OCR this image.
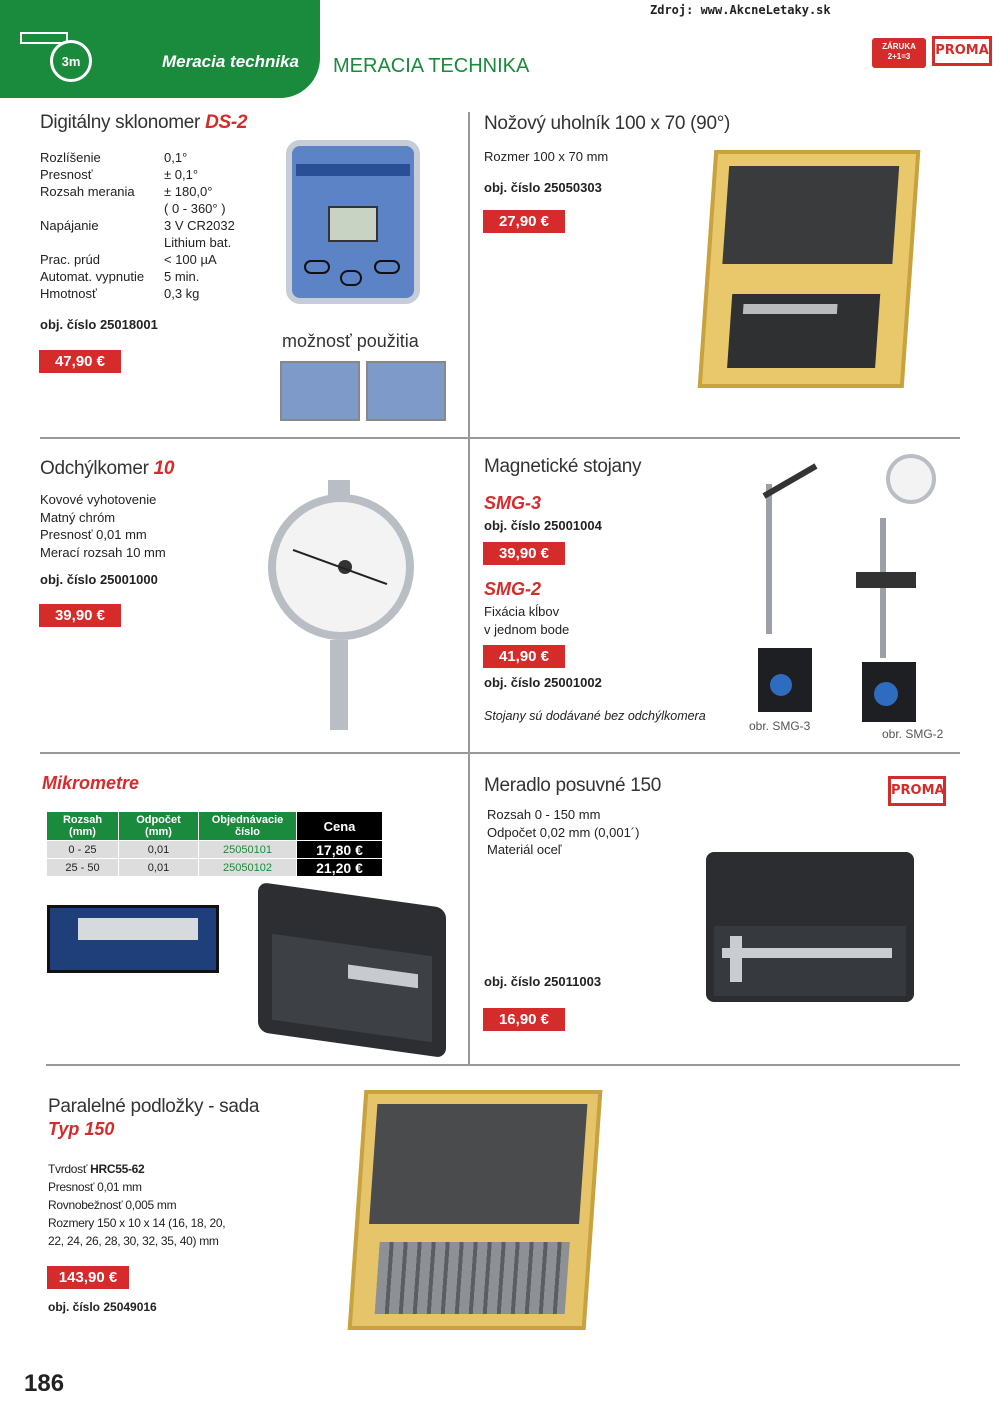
3m	Meracia technika MERACIA TECHNIKA
Zdroj: www.AkcneLetaky.sk
ZÁRUKA
2+1=3	PROMA
Digitálny sklonomer DS-2
Rozlíšenie	0,1°
Presnosť	± 0,1°
Rozsah merania	± 180,0°
	( 0 - 360° )
Napájanie	3 V CR2032
	Lithium bat.
Prac. prúd	< 100 µA
Automat. vypnutie	5 min.
Hmotnosť	0,3 kg
obj. číslo 25018001
47,90 €
možnosť použitia
Nožový uholník 100 x 70 (90°)
Rozmer 100 x 70 mm
obj. číslo 25050303
27,90 €
Odchýlkomer 10
Kovové vyhotovenie
Matný chróm
Presnosť 0,01 mm
Merací rozsah 10 mm
obj. číslo 25001000
39,90 €
Magnetické stojany
SMG-3
obj. číslo 25001004
39,90 €
SMG-2
Fixácia kĺbov
v jednom bode
41,90 €
obj. číslo 25001002
Stojany sú dodávané bez odchýlkomera
obr. SMG-3
obr. SMG-2
Mikrometre
Rozsah (mm)	Odpočet (mm)	Objednávacie číslo	Cena
0 - 25	0,01	25050101	17,80 €
25 - 50	0,01	25050102	21,20 €
Meradlo posuvné 150	PROMA
Rozsah 0 - 150 mm
Odpočet 0,02 mm (0,001´)
Materiál oceľ
obj. číslo 25011003
16,90 €
Paralelné podložky - sada
Typ 150
Tvrdosť HRC55-62
Presnosť 0,01 mm
Rovnobežnosť 0,005 mm
Rozmery 150 x 10 x 14 (16, 18, 20,
22, 24, 26, 28, 30, 32, 35, 40) mm
143,90 €
obj. číslo 25049016
186
